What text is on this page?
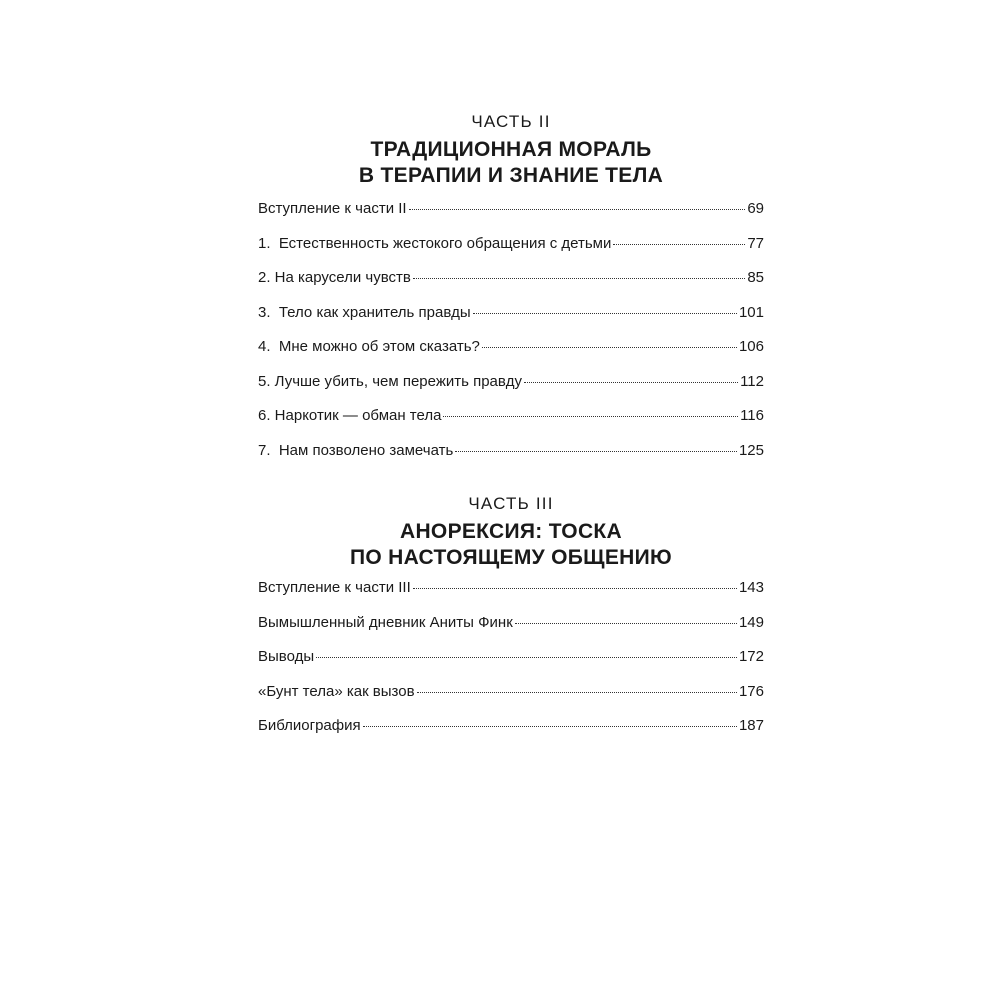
ЧАСТЬ II
ТРАДИЦИОННАЯ МОРАЛЬ
В ТЕРАПИИ И ЗНАНИЕ ТЕЛА
Вступление к части II	69
1.  Естественность жестокого обращения с детьми	77
2. На карусели чувств	85
3.  Тело как хранитель правды	101
4.  Мне можно об этом сказать?	106
5. Лучше убить, чем пережить правду	112
6. Наркотик — обман тела	116
7.  Нам позволено замечать	125
ЧАСТЬ III
АНОРЕКСИЯ: ТОСКА
ПО НАСТОЯЩЕМУ ОБЩЕНИЮ
Вступление к части III	143
Вымышленный дневник Аниты Финк	149
Выводы	172
«Бунт тела» как вызов	176
Библиография	187
